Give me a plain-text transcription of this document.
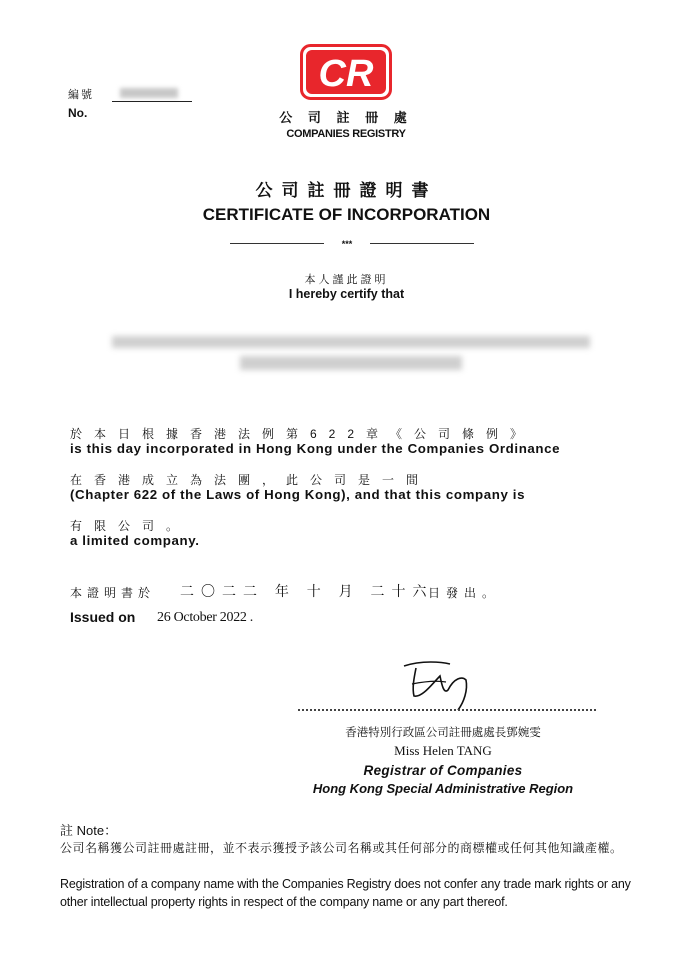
編號
No.
CR
公 司 註 冊 處
COMPANIES REGISTRY
公司註冊證明書
CERTIFICATE OF INCORPORATION
***
本人謹此證明
I hereby certify that
於本日根據香港法例第622章《公司條例》
is this day incorporated in Hong Kong under the Companies Ordinance
在香港成立為法團，此公司是一間
(Chapter 622 of the Laws of Hong Kong), and that this company is
有限公司。
a limited company.
本證明書於 二〇二二 年 十 月 二十六
日發出。
Issued on 26 October 2022 .
香港特別行政區公司註冊處處長鄧婉雯
Miss Helen TANG
Registrar of Companies
Hong Kong Special Administrative Region
註 Note：
公司名稱獲公司註冊處註冊，並不表示獲授予該公司名稱或其任何部分的商標權或任何其他知識產權。
Registration of a company name with the Companies Registry does not confer any trade mark rights or any other intellectual property rights in respect of the company name or any part thereof.
